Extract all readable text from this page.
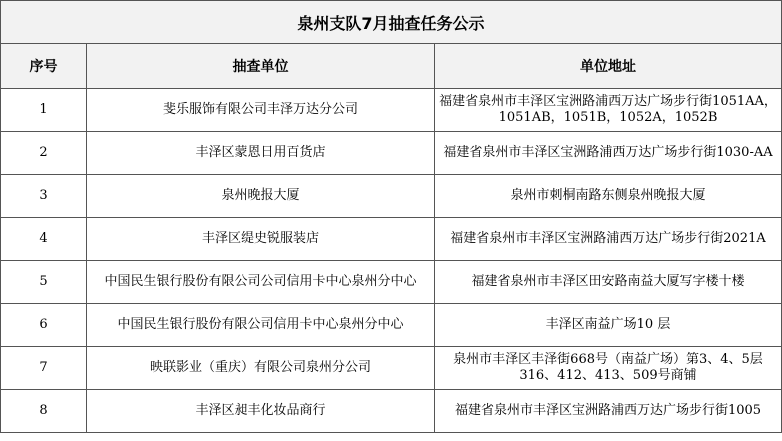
泉州支队7月抽查任务公示		
序号	抽查单位	单位地址
1	斐乐服饰有限公司丰泽万达分公司	福建省泉州市丰泽区宝洲路浦西万达广场步行街1051AA，1051AB，1051B，1052A，1052B
2	丰泽区蒙恩日用百货店	福建省泉州市丰泽区宝洲路浦西万达广场步行街1030-AA
3	泉州晚报大厦	泉州市刺桐南路东侧泉州晚报大厦
4	丰泽区缇史锐服装店	福建省泉州市丰泽区宝洲路浦西万达广场步行街2021A
5	中国民生银行股份有限公司公司信用卡中心泉州分中心	福建省泉州市丰泽区田安路南益大厦写字楼十楼
6	中国民生银行股份有限公司信用卡中心泉州分中心	丰泽区南益广场10 层
7	映联影业（重庆）有限公司泉州分公司	泉州市丰泽区丰泽街668号（南益广场）第3、4、5层316、412、413、509号商铺
8	丰泽区昶丰化妆品商行	福建省泉州市丰泽区宝洲路浦西万达广场步行街1005
